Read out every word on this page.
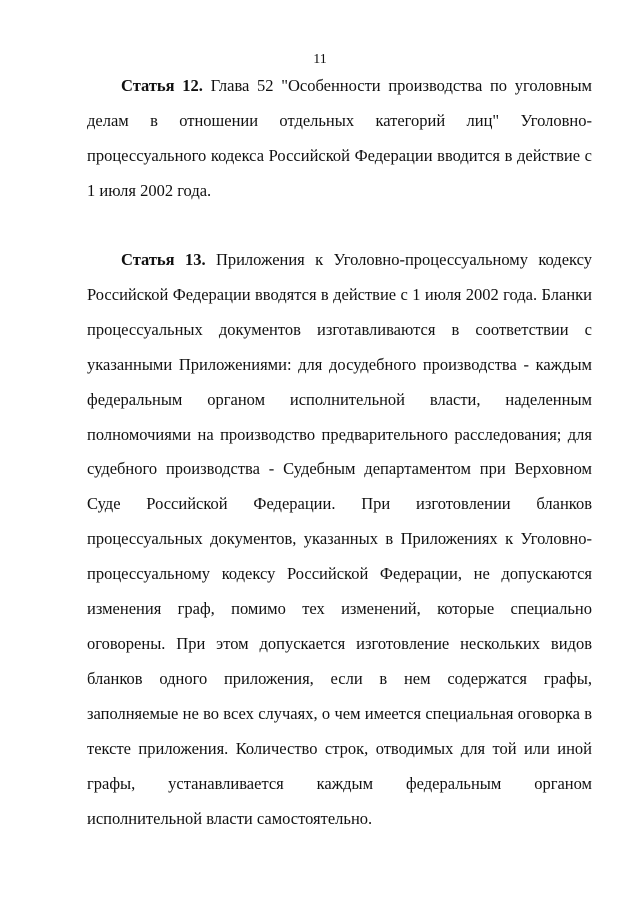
11

Статья 12. Глава 52 "Особенности производства по уголовным делам в отношении отдельных категорий лиц" Уголовно-процессуального кодекса Российской Федерации вводится в действие с 1 июля 2002 года.

Статья 13. Приложения к Уголовно-процессуальному кодексу Российской Федерации вводятся в действие с 1 июля 2002 года. Бланки процессуальных документов изготавливаются в соответствии с указанными Приложениями: для досудебного производства - каждым федеральным органом исполнительной власти, наделенным полномочиями на производство предварительного расследования; для судебного производства - Судебным департаментом при Верховном Суде Российской Федерации. При изготовлении бланков процессуальных документов, указанных в Приложениях к Уголовно-процессуальному кодексу Российской Федерации, не допускаются изменения граф, помимо тех изменений, которые специально оговорены. При этом допускается изготовление нескольких видов бланков одного приложения, если в нем содержатся графы, заполняемые не во всех случаях, о чем имеется специальная оговорка в тексте приложения. Количество строк, отводимых для той или иной графы, устанавливается каждым федеральным органом исполнительной власти самостоятельно.
